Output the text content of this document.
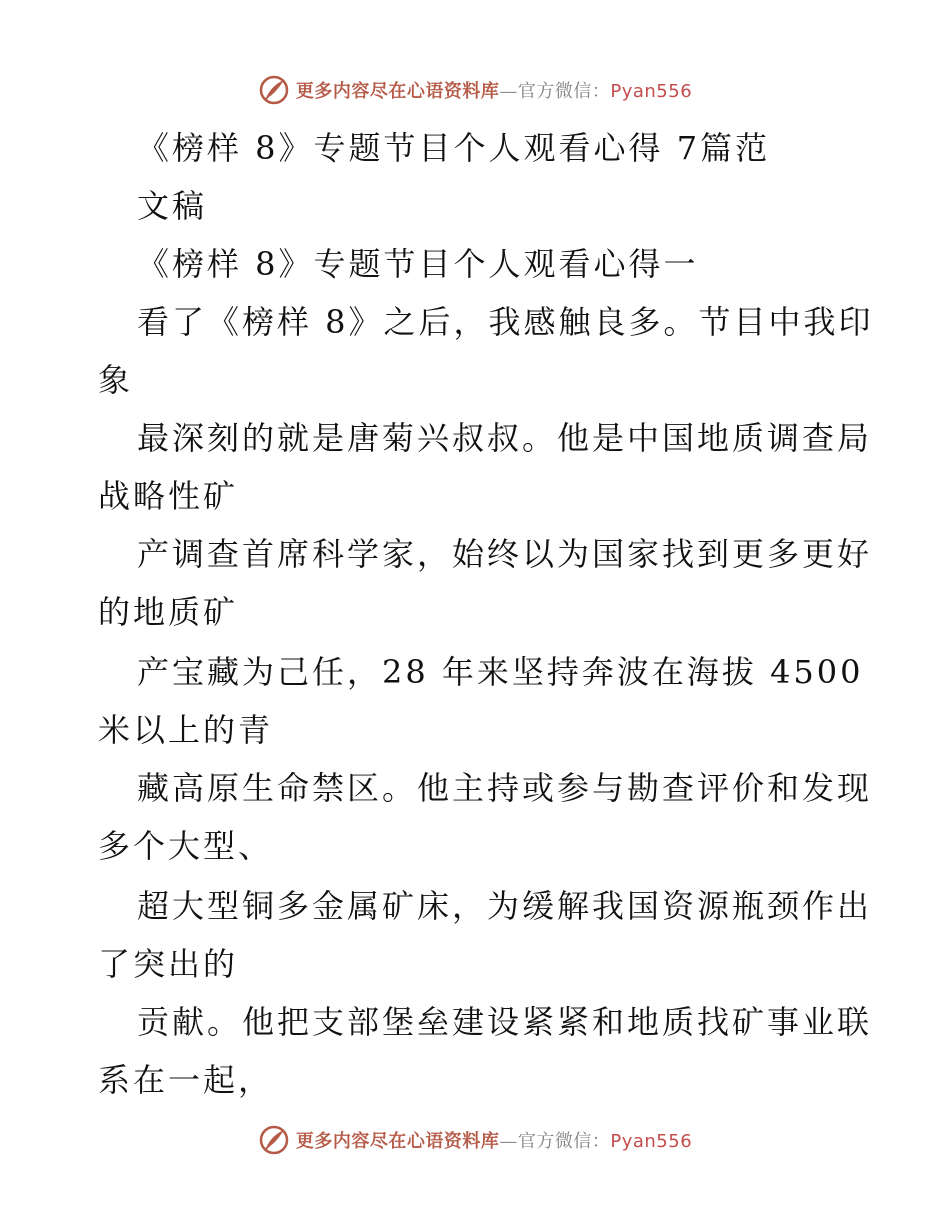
更多内容尽在心语资料库—官方微信：Pyan556
《榜样 8》专题节目个人观看心得 7篇范
文稿
《榜样 8》专题节目个人观看心得一
看了《榜样 8》之后，我感触良多。节目中我印
象
最深刻的就是唐菊兴叔叔。他是中国地质调查局
战略性矿
产调查首席科学家，始终以为国家找到更多更好
的地质矿
产宝藏为己任，28 年来坚持奔波在海拔 4500
米以上的青
藏高原生命禁区。他主持或参与勘查评价和发现
多个大型、
超大型铜多金属矿床，为缓解我国资源瓶颈作出
了突出的
贡献。他把支部堡垒建设紧紧和地质找矿事业联
系在一起，
更多内容尽在心语资料库—官方微信：Pyan556
